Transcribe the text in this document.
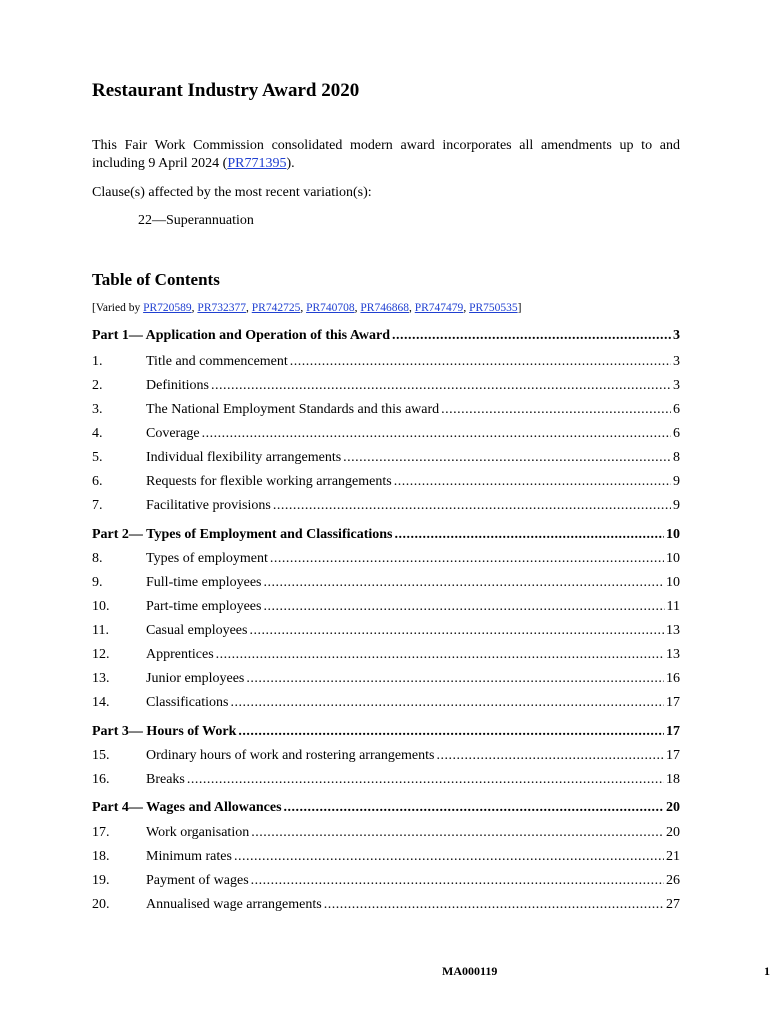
Restaurant Industry Award 2020

This Fair Work Commission consolidated modern award incorporates all amendments up to and including 9 April 2024 (PR771395).

Clause(s) affected by the most recent variation(s):

22—Superannuation

Table of Contents

[Varied by PR720589, PR732377, PR742725, PR740708, PR746868, PR747479, PR750535]

Part 1— Application and Operation of this Award .....	3
1.	Title and commencement .....	3
2.	Definitions .....	3
3.	The National Employment Standards and this award .....	6
4.	Coverage .....	6
5.	Individual flexibility arrangements .....	8
6.	Requests for flexible working arrangements .....	9
7.	Facilitative provisions .....	9
Part 2— Types of Employment and Classifications .....	10
8.	Types of employment .....	10
9.	Full-time employees .....	10
10.	Part-time employees .....	11
11.	Casual employees .....	13
12.	Apprentices .....	13
13.	Junior employees .....	16
14.	Classifications .....	17
Part 3— Hours of Work .....	17
15.	Ordinary hours of work and rostering arrangements .....	17
16.	Breaks .....	18
Part 4— Wages and Allowances .....	20
17.	Work organisation .....	20
18.	Minimum rates .....	21
19.	Payment of wages .....	26
20.	Annualised wage arrangements .....	27
MA000119	1
